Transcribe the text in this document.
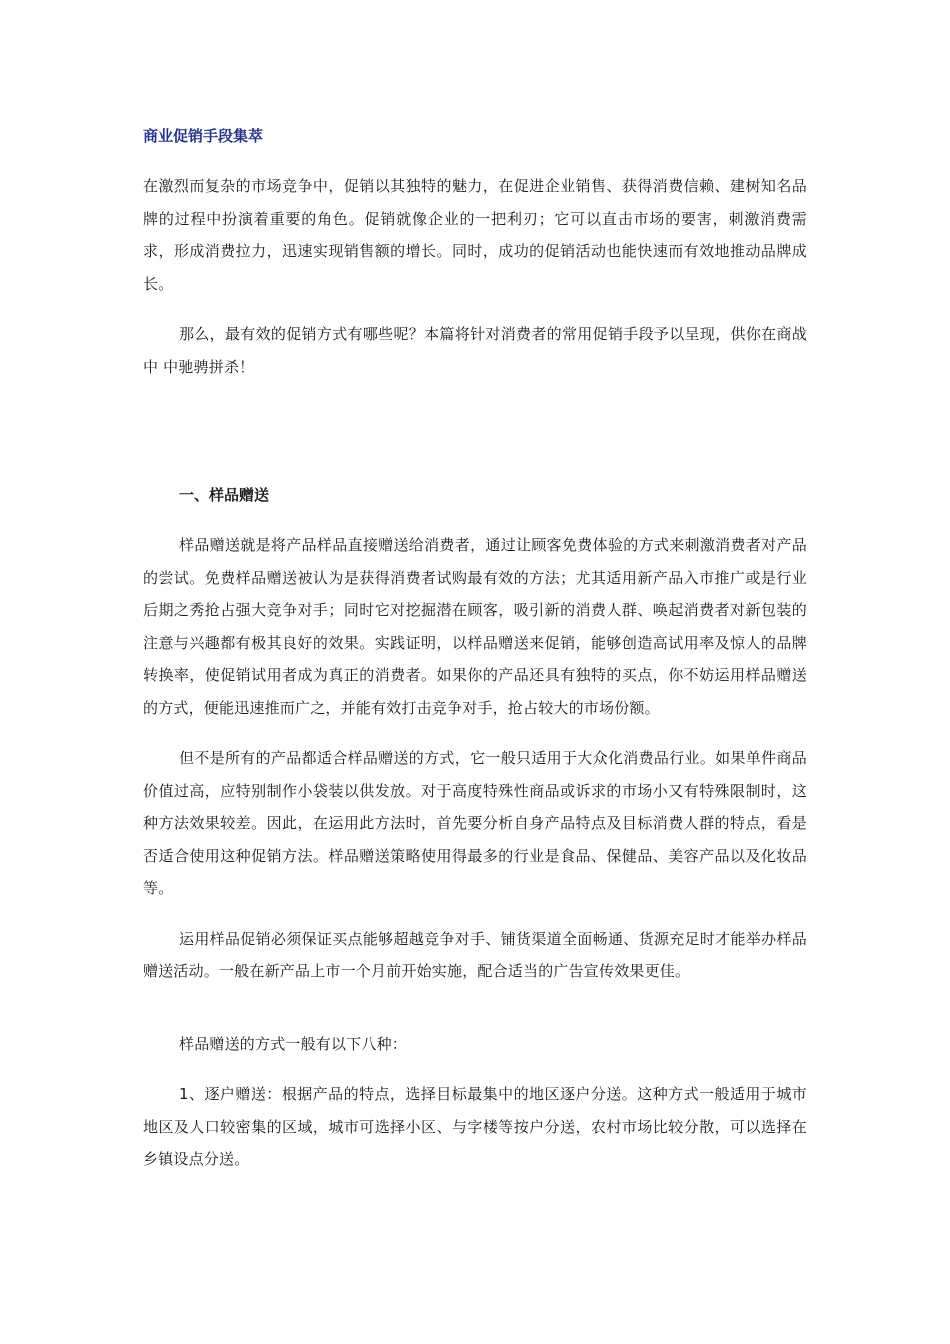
商业促销手段集萃

在激烈而复杂的市场竞争中，促销以其独特的魅力，在促进企业销售、获得消费信赖、建树知名品牌的过程中扮演着重要的角色。促销就像企业的一把利刃；它可以直击市场的要害，刺激消费需求，形成消费拉力，迅速实现销售额的增长。同时，成功的促销活动也能快速而有效地推动品牌成长。

那么，最有效的促销方式有哪些呢？本篇将针对消费者的常用促销手段予以呈现，供你在商战中 中驰骋拼杀！

一、样品赠送

样品赠送就是将产品样品直接赠送给消费者，通过让顾客免费体验的方式来刺激消费者对产品的尝试。免费样品赠送被认为是获得消费者试购最有效的方法；尤其适用新产品入市推广或是行业后期之秀抢占强大竞争对手；同时它对挖掘潜在顾客，吸引新的消费人群、唤起消费者对新包装的注意与兴趣都有极其良好的效果。实践证明，以样品赠送来促销，能够创造高试用率及惊人的品牌转换率，使促销试用者成为真正的消费者。如果你的产品还具有独特的买点，你不妨运用样品赠送的方式，便能迅速推而广之，并能有效打击竞争对手，抢占较大的市场份额。

但不是所有的产品都适合样品赠送的方式，它一般只适用于大众化消费品行业。如果单件商品价值过高，应特别制作小袋装以供发放。对于高度特殊性商品或诉求的市场小又有特殊限制时，这种方法效果较差。因此，在运用此方法时，首先要分析自身产品特点及目标消费人群的特点，看是否适合使用这种促销方法。样品赠送策略使用得最多的行业是食品、保健品、美容产品以及化妆品等。

运用样品促销必须保证买点能够超越竞争对手、铺货渠道全面畅通、货源充足时才能举办样品赠送活动。一般在新产品上市一个月前开始实施，配合适当的广告宣传效果更佳。

样品赠送的方式一般有以下八种：

1、逐户赠送：根据产品的特点，选择目标最集中的地区逐户分送。这种方式一般适用于城市地区及人口较密集的区域，城市可选择小区、与字楼等按户分送，农村市场比较分散，可以选择在乡镇设点分送。
